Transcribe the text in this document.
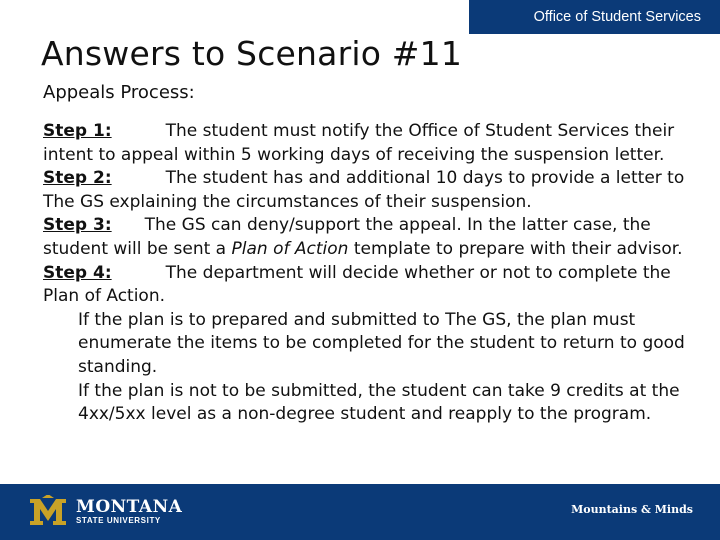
Office of Student Services
Answers to Scenario #11
Appeals Process:

Step 1:	The student must notify the Office of Student Services their intent to appeal within 5 working days of receiving the suspension letter.

Step 2:	The student has and additional 10 days to provide a letter to The GS explaining the circumstances of their suspension.

Step 3: The GS can deny/support the appeal. In the latter case, the student will be sent a Plan of Action template to prepare with their advisor.

Step 4:	The department will decide whether or not to complete the Plan of Action.

If the plan is to prepared and submitted to The GS, the plan must enumerate the items to be completed for the student to return to good standing.

If the plan is not to be submitted, the student can take 9 credits at the 4xx/5xx level as a non-degree student and reapply to the program.

MONTANA
STATE UNIVERSITY
Mountains & Minds
